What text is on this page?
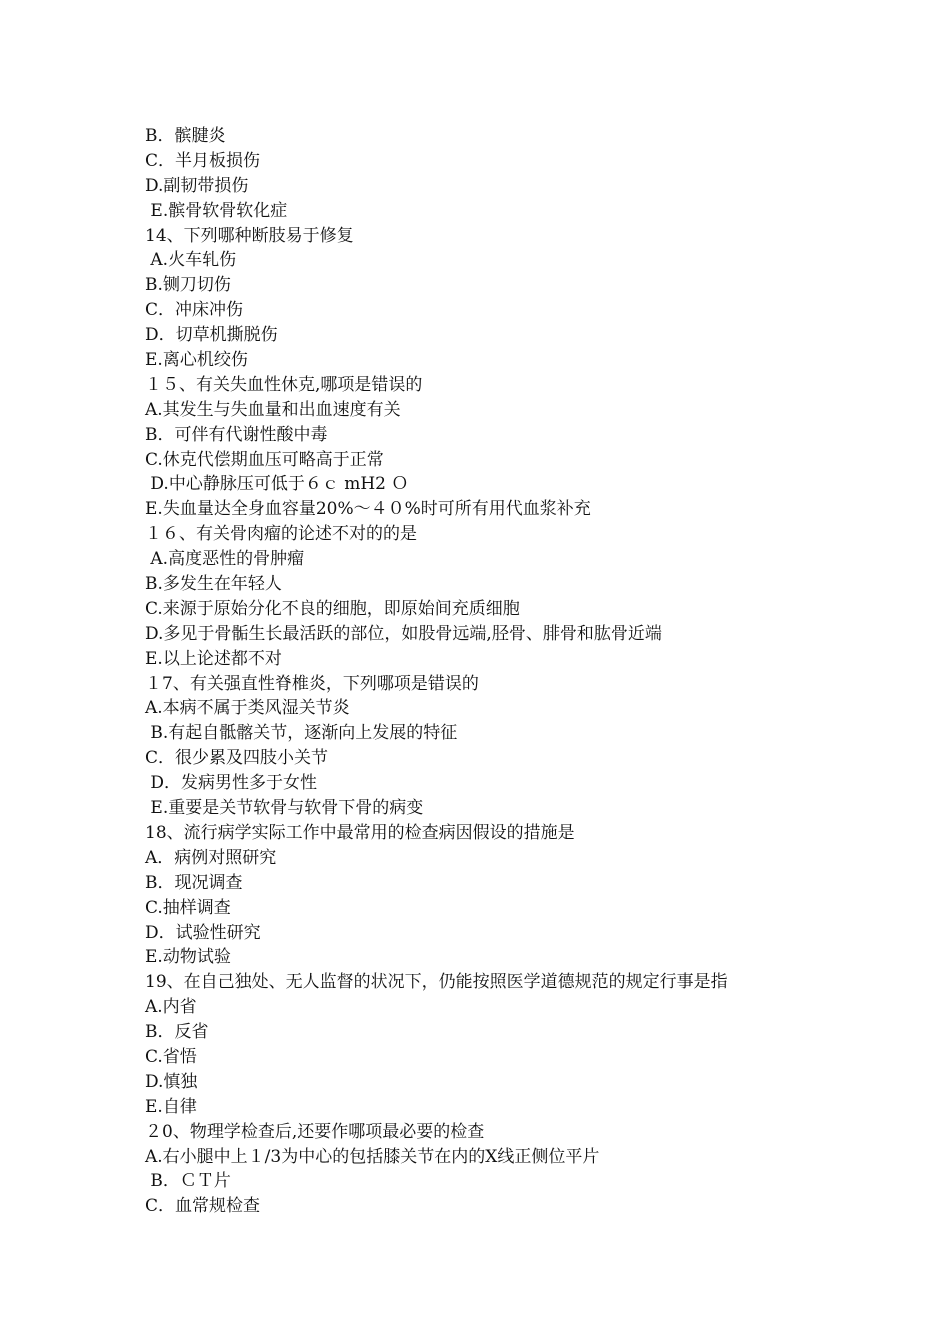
B．髌腱炎
C．半月板损伤
D.副韧带损伤
E.髌骨软骨软化症
14、下列哪种断肢易于修复
A.火车轧伤
B.铡刀切伤
C．冲床冲伤
D．切草机撕脱伤
E.离心机绞伤
１５、有关失血性休克,哪项是错误的
A.其发生与失血量和出血速度有关
B．可伴有代谢性酸中毒
C.休克代偿期血压可略高于正常
D.中心静脉压可低于６ｃ mH2 Ｏ
E.失血量达全身血容量20%～４０%时可所有用代血浆补充
１６、有关骨肉瘤的论述不对的的是
A.高度恶性的骨肿瘤
B.多发生在年轻人
C.来源于原始分化不良的细胞，即原始间充质细胞
D.多见于骨骺生长最活跃的部位，如股骨远端,胫骨、腓骨和肱骨近端
E.以上论述都不对
１7、有关强直性脊椎炎，下列哪项是错误的
A.本病不属于类风湿关节炎
B.有起自骶髂关节，逐渐向上发展的特征
C．很少累及四肢小关节
D．发病男性多于女性
E.重要是关节软骨与软骨下骨的病变
18、流行病学实际工作中最常用的检查病因假设的措施是
A．病例对照研究
B．现况调查
C.抽样调查
D．试验性研究
E.动物试验
19、在自己独处、无人监督的状况下，仍能按照医学道德规范的规定行事是指
A.内省
B．反省
C.省悟
D.慎独
E.自律
２0、物理学检查后,还要作哪项最必要的检查
A.右小腿中上１/3为中心的包括膝关节在内的X线正侧位平片
B．ＣＴ片
C．血常规检查
